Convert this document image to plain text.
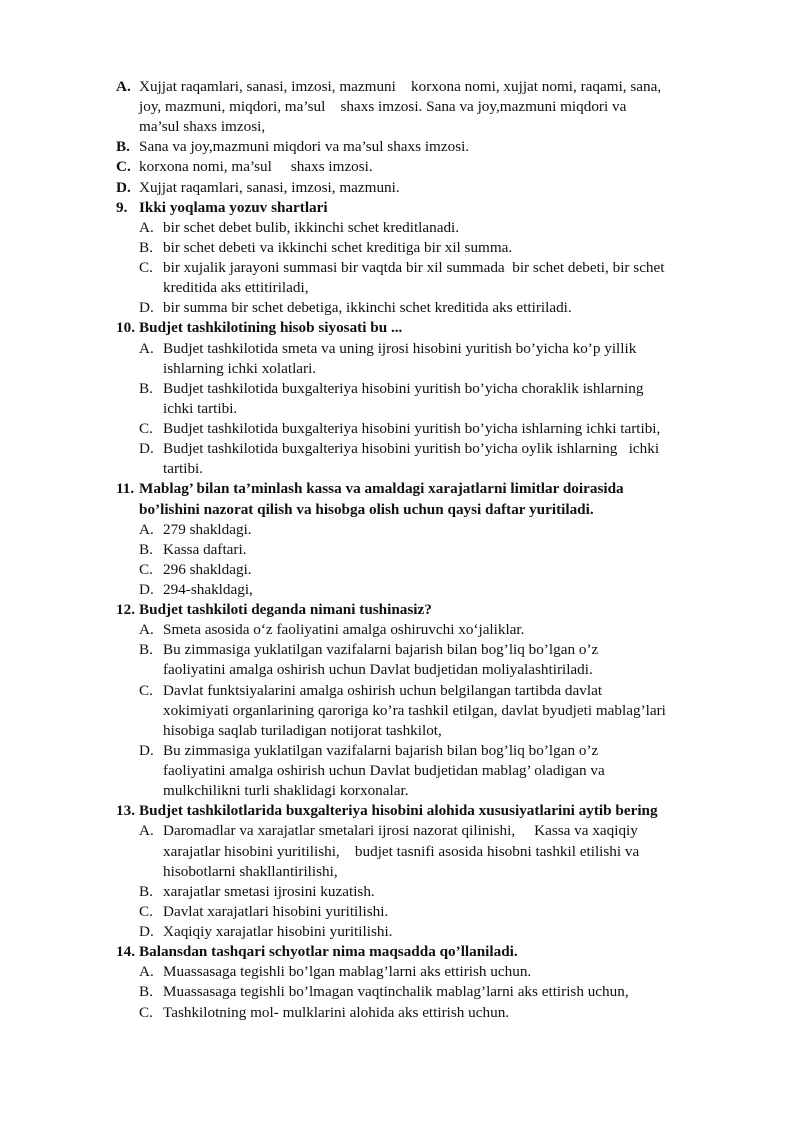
A. Xujjat raqamlari, sanasi, imzosi, mazmuni    korxona nomi, xujjat nomi, raqami, sana,
joy, mazmuni, miqdori, ma’sul    shaxs imzosi. Sana va joy,mazmuni miqdori va
ma’sul shaxs imzosi,
B. Sana va joy,mazmuni miqdori va ma’sul shaxs imzosi.
C. korxona nomi, ma’sul     shaxs imzosi.
D. Xujjat raqamlari, sanasi, imzosi, mazmuni.
9. Ikki yoqlama yozuv shartlari
A. bir schet debet bulib, ikkinchi schet kreditlanadi.
B. bir schet debeti va ikkinchi schet kreditiga bir xil summa.
C. bir xujalik jarayoni summasi bir vaqtda bir xil summada  bir schet debeti, bir schet
kreditida aks ettitiriladi,
D. bir summa bir schet debetiga, ikkinchi schet kreditida aks ettiriladi.
10. Budjet tashkilotining hisob siyosati bu ...
A. Budjet tashkilotida smeta va uning ijrosi hisobini yuritish bo’yicha ko’p yillik
ishlarning ichki xolatlari.
B. Budjet tashkilotida buxgalteriya hisobini yuritish bo’yicha choraklik ishlarning
ichki tartibi.
C. Budjet tashkilotida buxgalteriya hisobini yuritish bo’yicha ishlarning ichki tartibi,
D. Budjet tashkilotida buxgalteriya hisobini yuritish bo’yicha oylik ishlarning   ichki
tartibi.
11. Mablag’ bilan ta’minlash kassa va amaldagi xarajatlarni limitlar doirasida
bo’lishini nazorat qilish va hisobga olish uchun qaysi daftar yuritiladi.
A. 279 shakldagi.
B. Kassa daftari.
C. 296 shakldagi.
D. 294-shakldagi,
12. Budjet tashkiloti deganda nimani tushinasiz?
A. Smeta asosida o‘z faoliyatini amalga oshiruvchi xo‘jaliklar.
B. Bu zimmasiga yuklatilgan vazifalarni bajarish bilan bog’liq bo’lgan o’z
faoliyatini amalga oshirish uchun Davlat budjetidan moliyalashtiriladi.
C. Davlat funktsiyalarini amalga oshirish uchun belgilangan tartibda davlat
xokimiyati organlarining qaroriga ko’ra tashkil etilgan, davlat byudjeti mablag’lari
hisobiga saqlab turiladigan notijorat tashkilot,
D. Bu zimmasiga yuklatilgan vazifalarni bajarish bilan bog’liq bo’lgan o’z
faoliyatini amalga oshirish uchun Davlat budjetidan mablag’ oladigan va
mulkchilikni turli shaklidagi korxonalar.
13. Budjet tashkilotlarida buxgalteriya hisobini alohida xususiyatlarini aytib bering
A. Daromadlar va xarajatlar smetalari ijrosi nazorat qilinishi,     Kassa va xaqiqiy
xarajatlar hisobini yuritilishi,    budjet tasnifi asosida hisobni tashkil etilishi va
hisobotlarni shakllantirilishi,
B. xarajatlar smetasi ijrosini kuzatish.
C. Davlat xarajatlari hisobini yuritilishi.
D. Xaqiqiy xarajatlar hisobini yuritilishi.
14. Balansdan tashqari schyotlar nima maqsadda qo’llaniladi.
A. Muassasaga tegishli bo’lgan mablag’larni aks ettirish uchun.
B. Muassasaga tegishli bo’lmagan vaqtinchalik mablag’larni aks ettirish uchun,
C. Tashkilotning mol- mulklarini alohida aks ettirish uchun.
